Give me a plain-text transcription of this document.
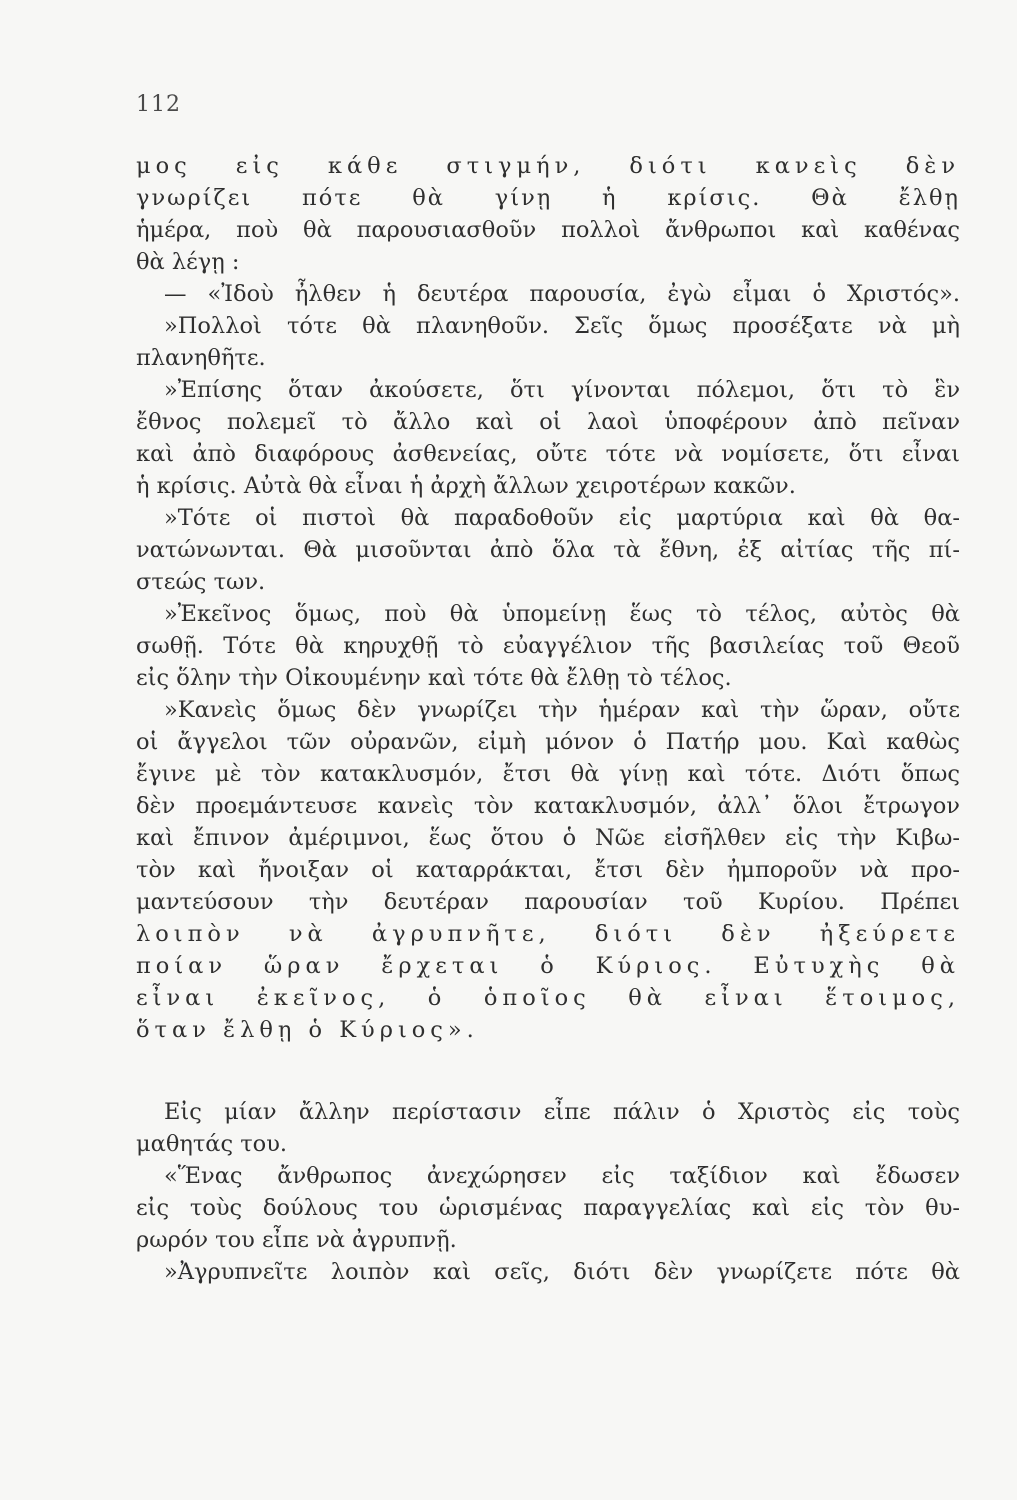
112
μος εἰς κάθε στιγμήν, διότι κανεὶς δὲν
γνωρίζει πότε θὰ γίνῃ ἡ κρίσις. Θὰ ἔλθῃ
ἡμέρα, ποὺ θὰ παρουσιασθοῦν πολλοὶ ἄνθρωποι καὶ καθένας
θὰ λέγῃ :
— «Ἰδοὺ ἦλθεν ἡ δευτέρα παρουσία, ἐγὼ εἶμαι ὁ Χριστός».
»Πολλοὶ τότε θὰ πλανηθοῦν. Σεῖς ὅμως προσέξατε νὰ μὴ
πλανηθῆτε.
»Ἐπίσης ὅταν ἀκούσετε, ὅτι γίνονται πόλεμοι, ὅτι τὸ ἓν
ἔθνος πολεμεῖ τὸ ἄλλο καὶ οἱ λαοὶ ὑποφέρουν ἀπὸ πεῖναν
καὶ ἀπὸ διαφόρους ἀσθενείας, οὔτε τότε νὰ νομίσετε, ὅτι εἶναι
ἡ κρίσις. Αὐτὰ θὰ εἶναι ἡ ἀρχὴ ἄλλων χειροτέρων κακῶν.
»Τότε οἱ πιστοὶ θὰ παραδοθοῦν εἰς μαρτύρια καὶ θὰ θα-
νατώνωνται. Θὰ μισοῦνται ἀπὸ ὅλα τὰ ἔθνη, ἐξ αἰτίας τῆς πί-
στεώς των.
»Ἐκεῖνος ὅμως, ποὺ θὰ ὑπομείνῃ ἕως τὸ τέλος, αὐτὸς θὰ
σωθῇ. Τότε θὰ κηρυχθῇ τὸ εὐαγγέλιον τῆς βασιλείας τοῦ Θεοῦ
εἰς ὅλην τὴν Οἰκουμένην καὶ τότε θὰ ἔλθῃ τὸ τέλος.
»Κανεὶς ὅμως δὲν γνωρίζει τὴν ἡμέραν καὶ τὴν ὥραν, οὔτε
οἱ ἄγγελοι τῶν οὐρανῶν, εἰμὴ μόνον ὁ Πατήρ μου. Καὶ καθὼς
ἔγινε μὲ τὸν κατακλυσμόν, ἔτσι θὰ γίνῃ καὶ τότε. Διότι ὅπως
δὲν προεμάντευσε κανεὶς τὸν κατακλυσμόν, ἀλλ᾽ ὅλοι ἔτρωγον
καὶ ἔπινον ἀμέριμνοι, ἕως ὅτου ὁ Νῶε εἰσῆλθεν εἰς τὴν Κιβω-
τὸν καὶ ἤνοιξαν οἱ καταρράκται, ἔτσι δὲν ἠμποροῦν νὰ προ-
μαντεύσουν τὴν δευτέραν παρουσίαν τοῦ Κυρίου. Πρέπει
λοιπὸν νὰ ἀγρυπνῆτε, διότι δὲν ἠξεύρετε
ποίαν ὥραν ἔρχεται ὁ Κύριος. Εὐτυχὴς θὰ
εἶναι ἐκεῖνος, ὁ ὁποῖος θὰ εἶναι ἕτοιμος,
ὅταν ἔλθῃ ὁ Κύριος».
Εἰς μίαν ἄλλην περίστασιν εἶπε πάλιν ὁ Χριστὸς εἰς τοὺς
μαθητάς του.
«Ἕνας ἄνθρωπος ἀνεχώρησεν εἰς ταξίδιον καὶ ἔδωσεν
εἰς τοὺς δούλους του ὡρισμένας παραγγελίας καὶ εἰς τὸν θυ-
ρωρόν του εἶπε νὰ ἀγρυπνῇ.
»Ἀγρυπνεῖτε λοιπὸν καὶ σεῖς, διότι δὲν γνωρίζετε πότε θὰ
